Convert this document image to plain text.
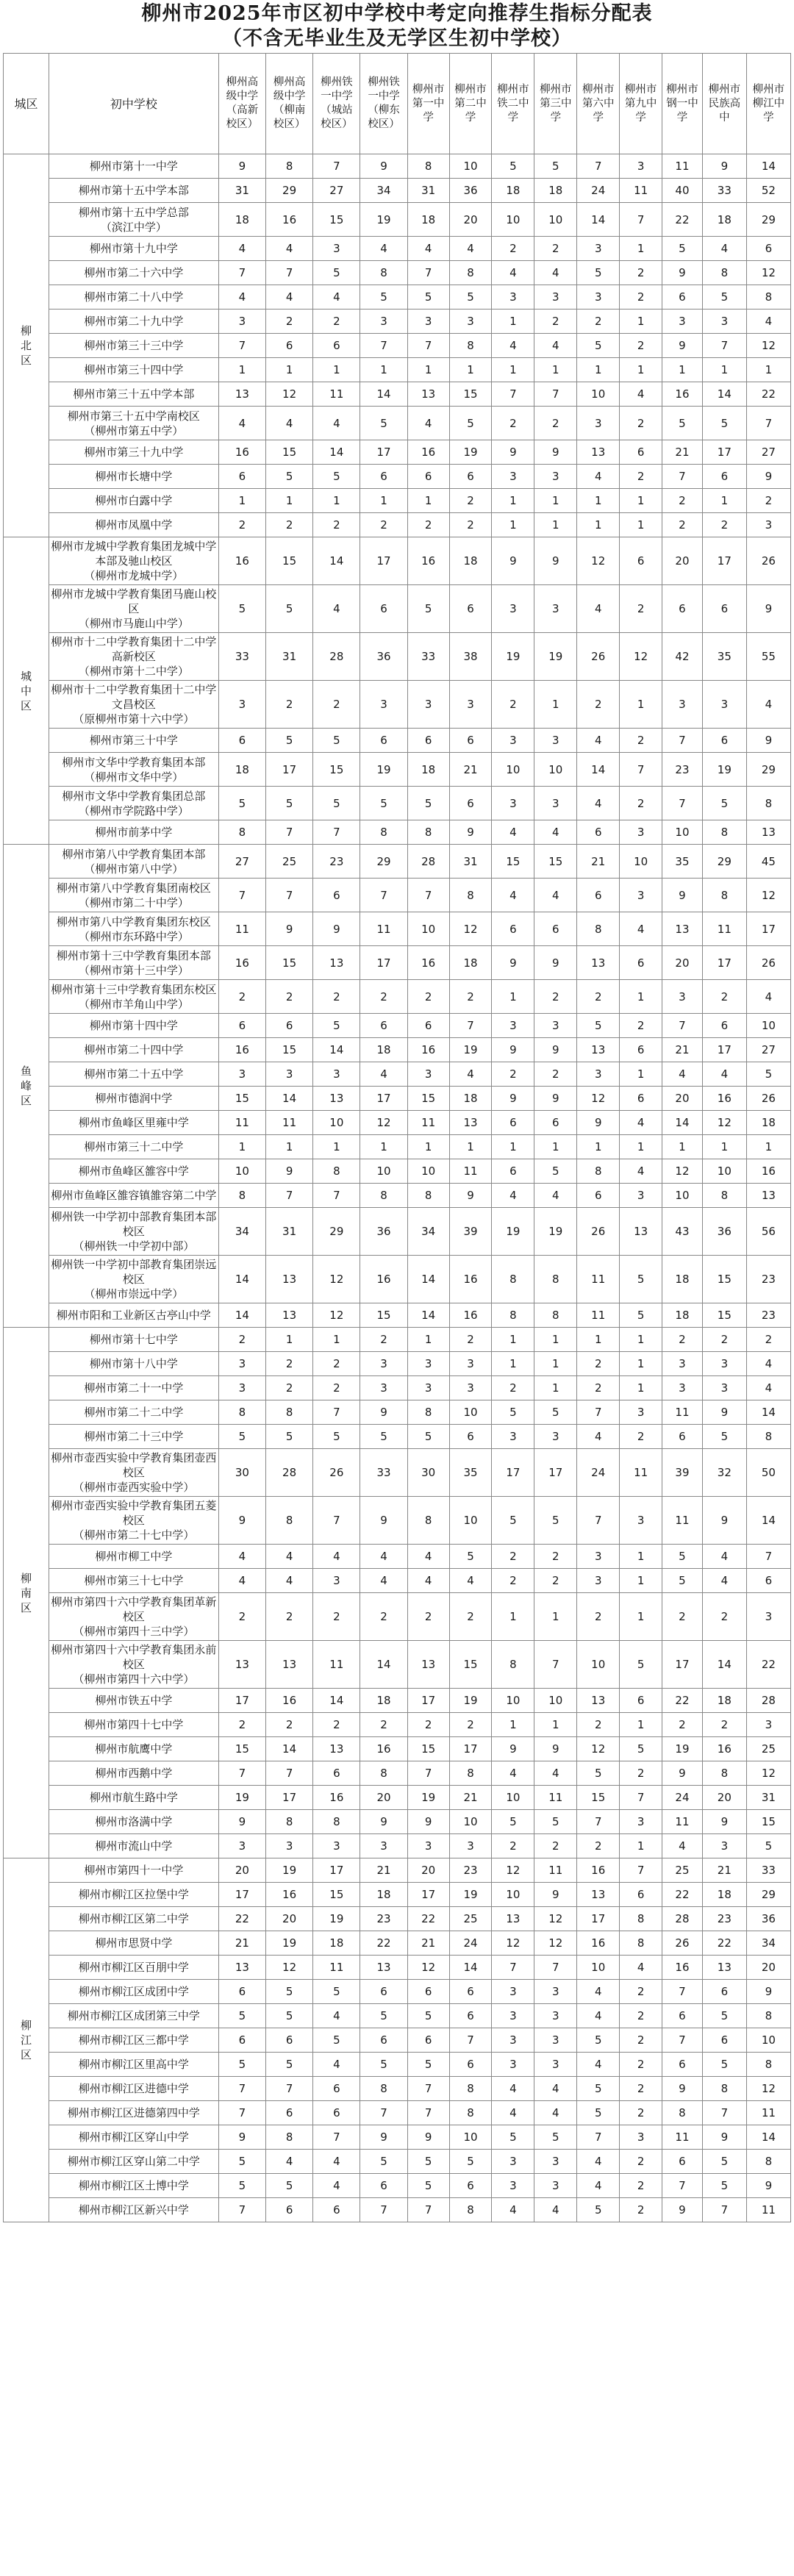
柳州市2025年市区初中学校中考定向推荐生指标分配表
（不含无毕业生及无学区生初中学校）
城区	初中学校	柳州高
级中学
（高新
校区）	柳州高
级中学
（柳南
校区）	柳州铁
一中学
（城站
校区）	柳州铁
一中学
（柳东
校区）	柳州市
第一中
学	柳州市
第二中
学	柳州市
铁二中
学	柳州市
第三中
学	柳州市
第六中
学	柳州市
第九中
学	柳州市
钢一中
学	柳州市
民族高
中	柳州市
柳江中
学

柳
北
区	柳州市第十一中学	9	8	7	9	8	10	5	5	7	3	11	9	14

	柳州市第十五中学本部	31	29	27	34	31	36	18	18	24	11	40	33	52

	柳州市第十五中学总部
（滨江中学）	18	16	15	19	18	20	10	10	14	7	22	18	29

	柳州市第十九中学	4	4	3	4	4	4	2	2	3	1	5	4	6

	柳州市第二十六中学	7	7	5	8	7	8	4	4	5	2	9	8	12

	柳州市第二十八中学	4	4	4	5	5	5	3	3	3	2	6	5	8

	柳州市第二十九中学	3	2	2	3	3	3	1	2	2	1	3	3	4

	柳州市第三十三中学	7	6	6	7	7	8	4	4	5	2	9	7	12

	柳州市第三十四中学	1	1	1	1	1	1	1	1	1	1	1	1	1

	柳州市第三十五中学本部	13	12	11	14	13	15	7	7	10	4	16	14	22

	柳州市第三十五中学南校区
（柳州市第五中学）	4	4	4	5	4	5	2	2	3	2	5	5	7

	柳州市第三十九中学	16	15	14	17	16	19	9	9	13	6	21	17	27

	柳州市长塘中学	6	5	5	6	6	6	3	3	4	2	7	6	9

	柳州市白露中学	1	1	1	1	1	2	1	1	1	1	2	1	2

	柳州市凤凰中学	2	2	2	2	2	2	1	1	1	1	2	2	3

城
中
区	柳州市龙城中学教育集团龙城中学
本部及驰山校区
（柳州市龙城中学）	16	15	14	17	16	18	9	9	12	6	20	17	26

	柳州市龙城中学教育集团马鹿山校
区
（柳州市马鹿山中学）	5	5	4	6	5	6	3	3	4	2	6	6	9

	柳州市十二中学教育集团十二中学
高新校区
（柳州市第十二中学）	33	31	28	36	33	38	19	19	26	12	42	35	55

	柳州市十二中学教育集团十二中学
文昌校区
（原柳州市第十六中学）	3	2	2	3	3	3	2	1	2	1	3	3	4

	柳州市第三十中学	6	5	5	6	6	6	3	3	4	2	7	6	9

	柳州市文华中学教育集团本部
（柳州市文华中学）	18	17	15	19	18	21	10	10	14	7	23	19	29

	柳州市文华中学教育集团总部
（柳州市学院路中学）	5	5	5	5	5	6	3	3	4	2	7	5	8

	柳州市前茅中学	8	7	7	8	8	9	4	4	6	3	10	8	13

鱼
峰
区	柳州市第八中学教育集团本部
（柳州市第八中学）	27	25	23	29	28	31	15	15	21	10	35	29	45

	柳州市第八中学教育集团南校区
（柳州市第二十中学）	7	7	6	7	7	8	4	4	6	3	9	8	12

	柳州市第八中学教育集团东校区
（柳州市东环路中学）	11	9	9	11	10	12	6	6	8	4	13	11	17

	柳州市第十三中学教育集团本部
（柳州市第十三中学）	16	15	13	17	16	18	9	9	13	6	20	17	26

	柳州市第十三中学教育集团东校区
（柳州市羊角山中学）	2	2	2	2	2	2	1	2	2	1	3	2	4

	柳州市第十四中学	6	6	5	6	6	7	3	3	5	2	7	6	10

	柳州市第二十四中学	16	15	14	18	16	19	9	9	13	6	21	17	27

	柳州市第二十五中学	3	3	3	4	3	4	2	2	3	1	4	4	5

	柳州市德润中学	15	14	13	17	15	18	9	9	12	6	20	16	26

	柳州市鱼峰区里雍中学	11	11	10	12	11	13	6	6	9	4	14	12	18

	柳州市第三十二中学	1	1	1	1	1	1	1	1	1	1	1	1	1

	柳州市鱼峰区雒容中学	10	9	8	10	10	11	6	5	8	4	12	10	16

	柳州市鱼峰区雒容镇雒容第二中学	8	7	7	8	8	9	4	4	6	3	10	8	13

	柳州铁一中学初中部教育集团本部
校区
（柳州铁一中学初中部）	34	31	29	36	34	39	19	19	26	13	43	36	56

	柳州铁一中学初中部教育集团崇远
校区
（柳州市崇远中学）	14	13	12	16	14	16	8	8	11	5	18	15	23

	柳州市阳和工业新区古亭山中学	14	13	12	15	14	16	8	8	11	5	18	15	23

柳
南
区	柳州市第十七中学	2	1	1	2	1	2	1	1	1	1	2	2	2

	柳州市第十八中学	3	2	2	3	3	3	1	1	2	1	3	3	4

	柳州市第二十一中学	3	2	2	3	3	3	2	1	2	1	3	3	4

	柳州市第二十二中学	8	8	7	9	8	10	5	5	7	3	11	9	14

	柳州市第二十三中学	5	5	5	5	5	6	3	3	4	2	6	5	8

	柳州市壶西实验中学教育集团壶西
校区
（柳州市壶西实验中学）	30	28	26	33	30	35	17	17	24	11	39	32	50

	柳州市壶西实验中学教育集团五菱
校区
（柳州市第二十七中学）	9	8	7	9	8	10	5	5	7	3	11	9	14

	柳州市柳工中学	4	4	4	4	4	5	2	2	3	1	5	4	7

	柳州市第三十七中学	4	4	3	4	4	4	2	2	3	1	5	4	6

	柳州市第四十六中学教育集团革新
校区
（柳州市第四十三中学）	2	2	2	2	2	2	1	1	2	1	2	2	3

	柳州市第四十六中学教育集团永前
校区
（柳州市第四十六中学）	13	13	11	14	13	15	8	7	10	5	17	14	22

	柳州市铁五中学	17	16	14	18	17	19	10	10	13	6	22	18	28

	柳州市第四十七中学	2	2	2	2	2	2	1	1	2	1	2	2	3

	柳州市航鹰中学	15	14	13	16	15	17	9	9	12	5	19	16	25

	柳州市西鹅中学	7	7	6	8	7	8	4	4	5	2	9	8	12

	柳州市航生路中学	19	17	16	20	19	21	10	11	15	7	24	20	31

	柳州市洛满中学	9	8	8	9	9	10	5	5	7	3	11	9	15

	柳州市流山中学	3	3	3	3	3	3	2	2	2	1	4	3	5

柳
江
区	柳州市第四十一中学	20	19	17	21	20	23	12	11	16	7	25	21	33

	柳州市柳江区拉堡中学	17	16	15	18	17	19	10	9	13	6	22	18	29

	柳州市柳江区第二中学	22	20	19	23	22	25	13	12	17	8	28	23	36

	柳州市思贤中学	21	19	18	22	21	24	12	12	16	8	26	22	34

	柳州市柳江区百朋中学	13	12	11	13	12	14	7	7	10	4	16	13	20

	柳州市柳江区成团中学	6	5	5	6	6	6	3	3	4	2	7	6	9

	柳州市柳江区成团第三中学	5	5	4	5	5	6	3	3	4	2	6	5	8

	柳州市柳江区三都中学	6	6	5	6	6	7	3	3	5	2	7	6	10

	柳州市柳江区里高中学	5	5	4	5	5	6	3	3	4	2	6	5	8

	柳州市柳江区进德中学	7	7	6	8	7	8	4	4	5	2	9	8	12

	柳州市柳江区进德第四中学	7	6	6	7	7	8	4	4	5	2	8	7	11

	柳州市柳江区穿山中学	9	8	7	9	9	10	5	5	7	3	11	9	14

	柳州市柳江区穿山第二中学	5	4	4	5	5	5	3	3	4	2	6	5	8

	柳州市柳江区土博中学	5	5	4	6	5	6	3	3	4	2	7	5	9

	柳州市柳江区新兴中学	7	6	6	7	7	8	4	4	5	2	9	7	11
